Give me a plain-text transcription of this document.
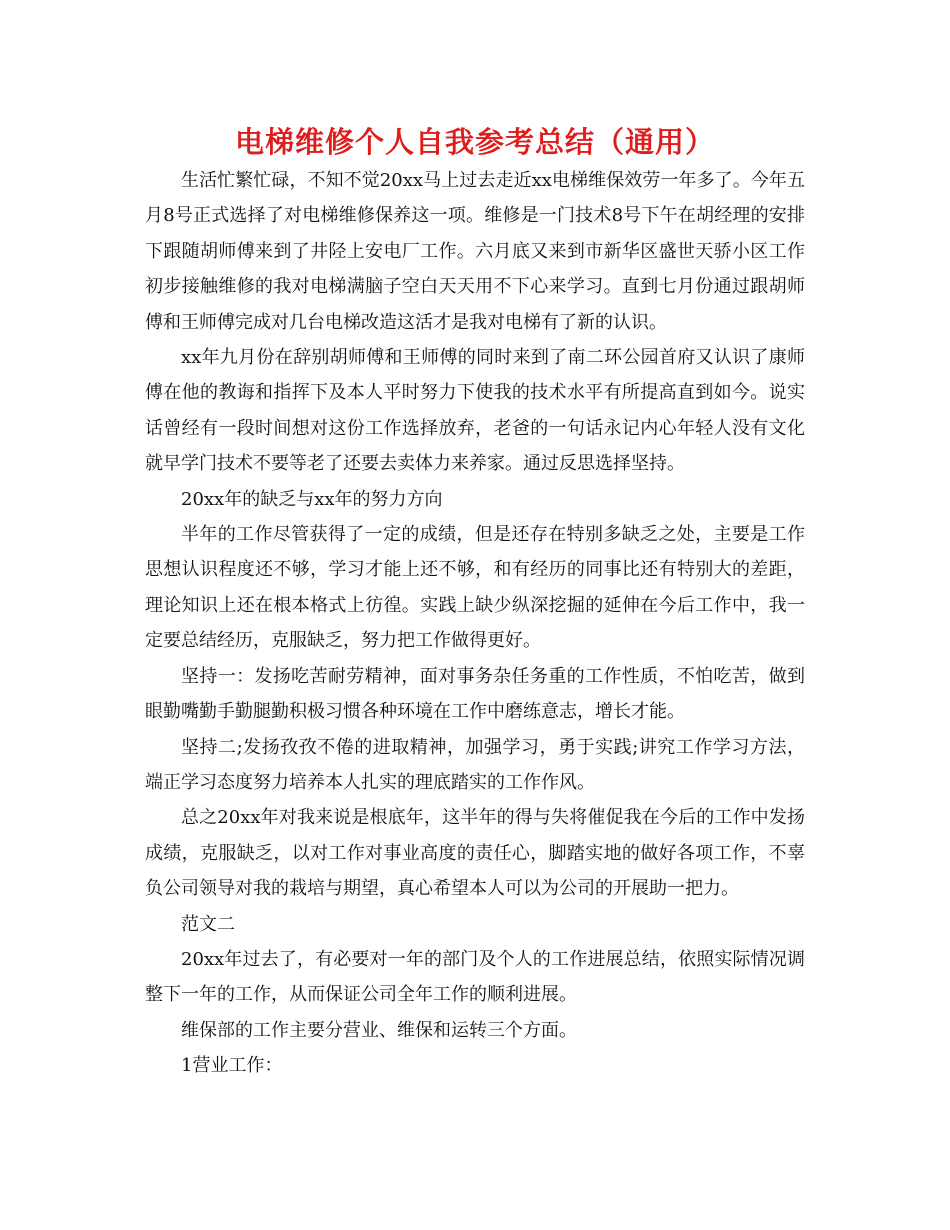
电梯维修个人自我参考总结（通用）

生活忙繁忙碌，不知不觉20xx马上过去走近xx电梯维保效劳一年多了。今年五月8号正式选择了对电梯维修保养这一项。维修是一门技术8号下午在胡经理的安排下跟随胡师傅来到了井陉上安电厂工作。六月底又来到市新华区盛世天骄小区工作初步接触维修的我对电梯满脑子空白天天用不下心来学习。直到七月份通过跟胡师傅和王师傅完成对几台电梯改造这活才是我对电梯有了新的认识。

xx年九月份在辞别胡师傅和王师傅的同时来到了南二环公园首府又认识了康师傅在他的教诲和指挥下及本人平时努力下使我的技术水平有所提高直到如今。说实话曾经有一段时间想对这份工作选择放弃，老爸的一句话永记内心年轻人没有文化就早学门技术不要等老了还要去卖体力来养家。通过反思选择坚持。

20xx年的缺乏与xx年的努力方向

半年的工作尽管获得了一定的成绩，但是还存在特别多缺乏之处，主要是工作思想认识程度还不够，学习才能上还不够，和有经历的同事比还有特别大的差距，理论知识上还在根本格式上彷徨。实践上缺少纵深挖掘的延伸在今后工作中，我一定要总结经历，克服缺乏，努力把工作做得更好。

坚持一：发扬吃苦耐劳精神，面对事务杂任务重的工作性质，不怕吃苦，做到眼勤嘴勤手勤腿勤积极习惯各种环境在工作中磨练意志，增长才能。

坚持二;发扬孜孜不倦的进取精神，加强学习，勇于实践;讲究工作学习方法，端正学习态度努力培养本人扎实的理底踏实的工作作风。

总之20xx年对我来说是根底年，这半年的得与失将催促我在今后的工作中发扬成绩，克服缺乏，以对工作对事业高度的责任心，脚踏实地的做好各项工作，不辜负公司领导对我的栽培与期望，真心希望本人可以为公司的开展助一把力。

范文二

20xx年过去了，有必要对一年的部门及个人的工作进展总结，依照实际情况调整下一年的工作，从而保证公司全年工作的顺利进展。

维保部的工作主要分营业、维保和运转三个方面。

1营业工作：
